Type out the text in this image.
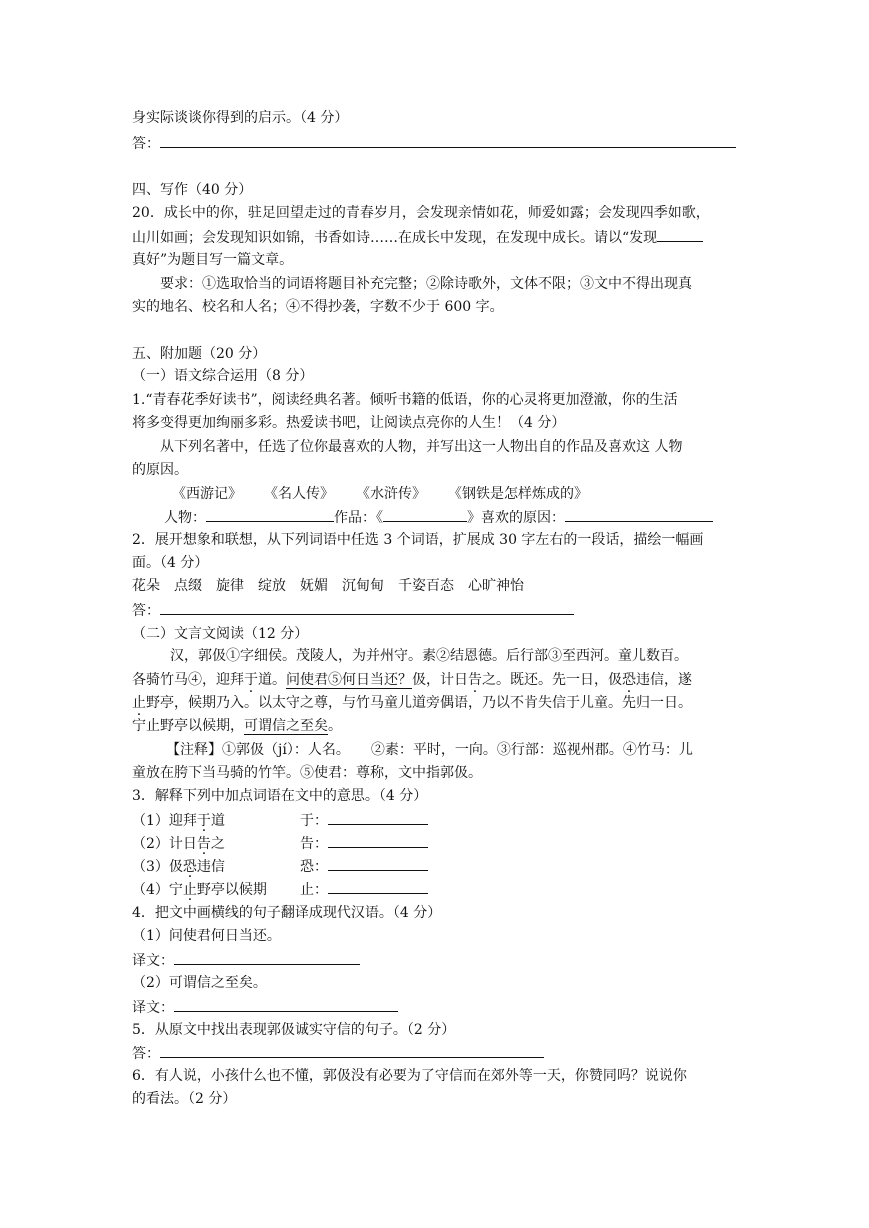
身实际谈谈你得到的启示。（4 分）
答：
四、写作（40 分）
20．成长中的你，驻足回望走过的青春岁月，会发现亲情如花，师爱如露；会发现四季如歌，
山川如画；会发现知识如锦，书香如诗……在成长中发现，在发现中成长。请以“发现
真好”为题目写一篇文章。
要求：①选取恰当的词语将题目补充完整；②除诗歌外，文体不限；③文中不得出现真
实的地名、校名和人名；④不得抄袭，字数不少于 600 字。
五、附加题（20 分）
（一）语文综合运用（8 分）
1.“青春花季好读书”，阅读经典名著。倾听书籍的低语，你的心灵将更加澄澈，你的生活
将多变得更加绚丽多彩。热爱读书吧，让阅读点亮你的人生！（4 分）
从下列名著中，任选了位你最喜欢的人物，并写出这一人物出自的作品及喜欢这 人物
的原因。
《西游记》 《名人传》 《水浒传》 《钢铁是怎样炼成的》
人物：	作品：《	》喜欢的原因：
2．展开想象和联想，从下列词语中任选 3 个词语，扩展成 30 字左右的一段话，描绘一幅画
面。（4 分）
花朵 点缀 旋律 绽放 妩媚 沉甸甸 千姿百态 心旷神怡
答：
（二）文言文阅读（12 分）
汉，郭伋①字细侯。茂陵人，为并州守。素②结恩德。后行部③至西河。童儿数百。
各骑竹马④，迎拜于道。问使君⑤何日当还？伋，计日告之。既还。先一日，伋恐违信，遂
止野亭，候期乃入。以太守之尊，与竹马童儿道旁偶语，乃以不肯失信于儿童。先归一日。
宁止野亭以候期，可谓信之至矣。
【注释】①郭伋（jí）：人名。　　②素：平时，一向。③行部：巡视州郡。④竹马：儿
童放在胯下当马骑的竹竿。⑤使君：尊称，文中指郭伋。
3．解释下列中加点词语在文中的意思。（4 分）
（1）迎拜于道	于：
（2）计日告之	告：
（3）伋恐违信	恐：
（4）宁止野亭以候期 止：
4．把文中画横线的句子翻译成现代汉语。（4 分）
（1）问使君何日当还。
译文：
（2）可谓信之至矣。
译文：
5．从原文中找出表现郭伋诚实守信的句子。（2 分）
答：
6．有人说，小孩什么也不懂，郭伋没有必要为了守信而在郊外等一天，你赞同吗？说说你
的看法。（2 分）
